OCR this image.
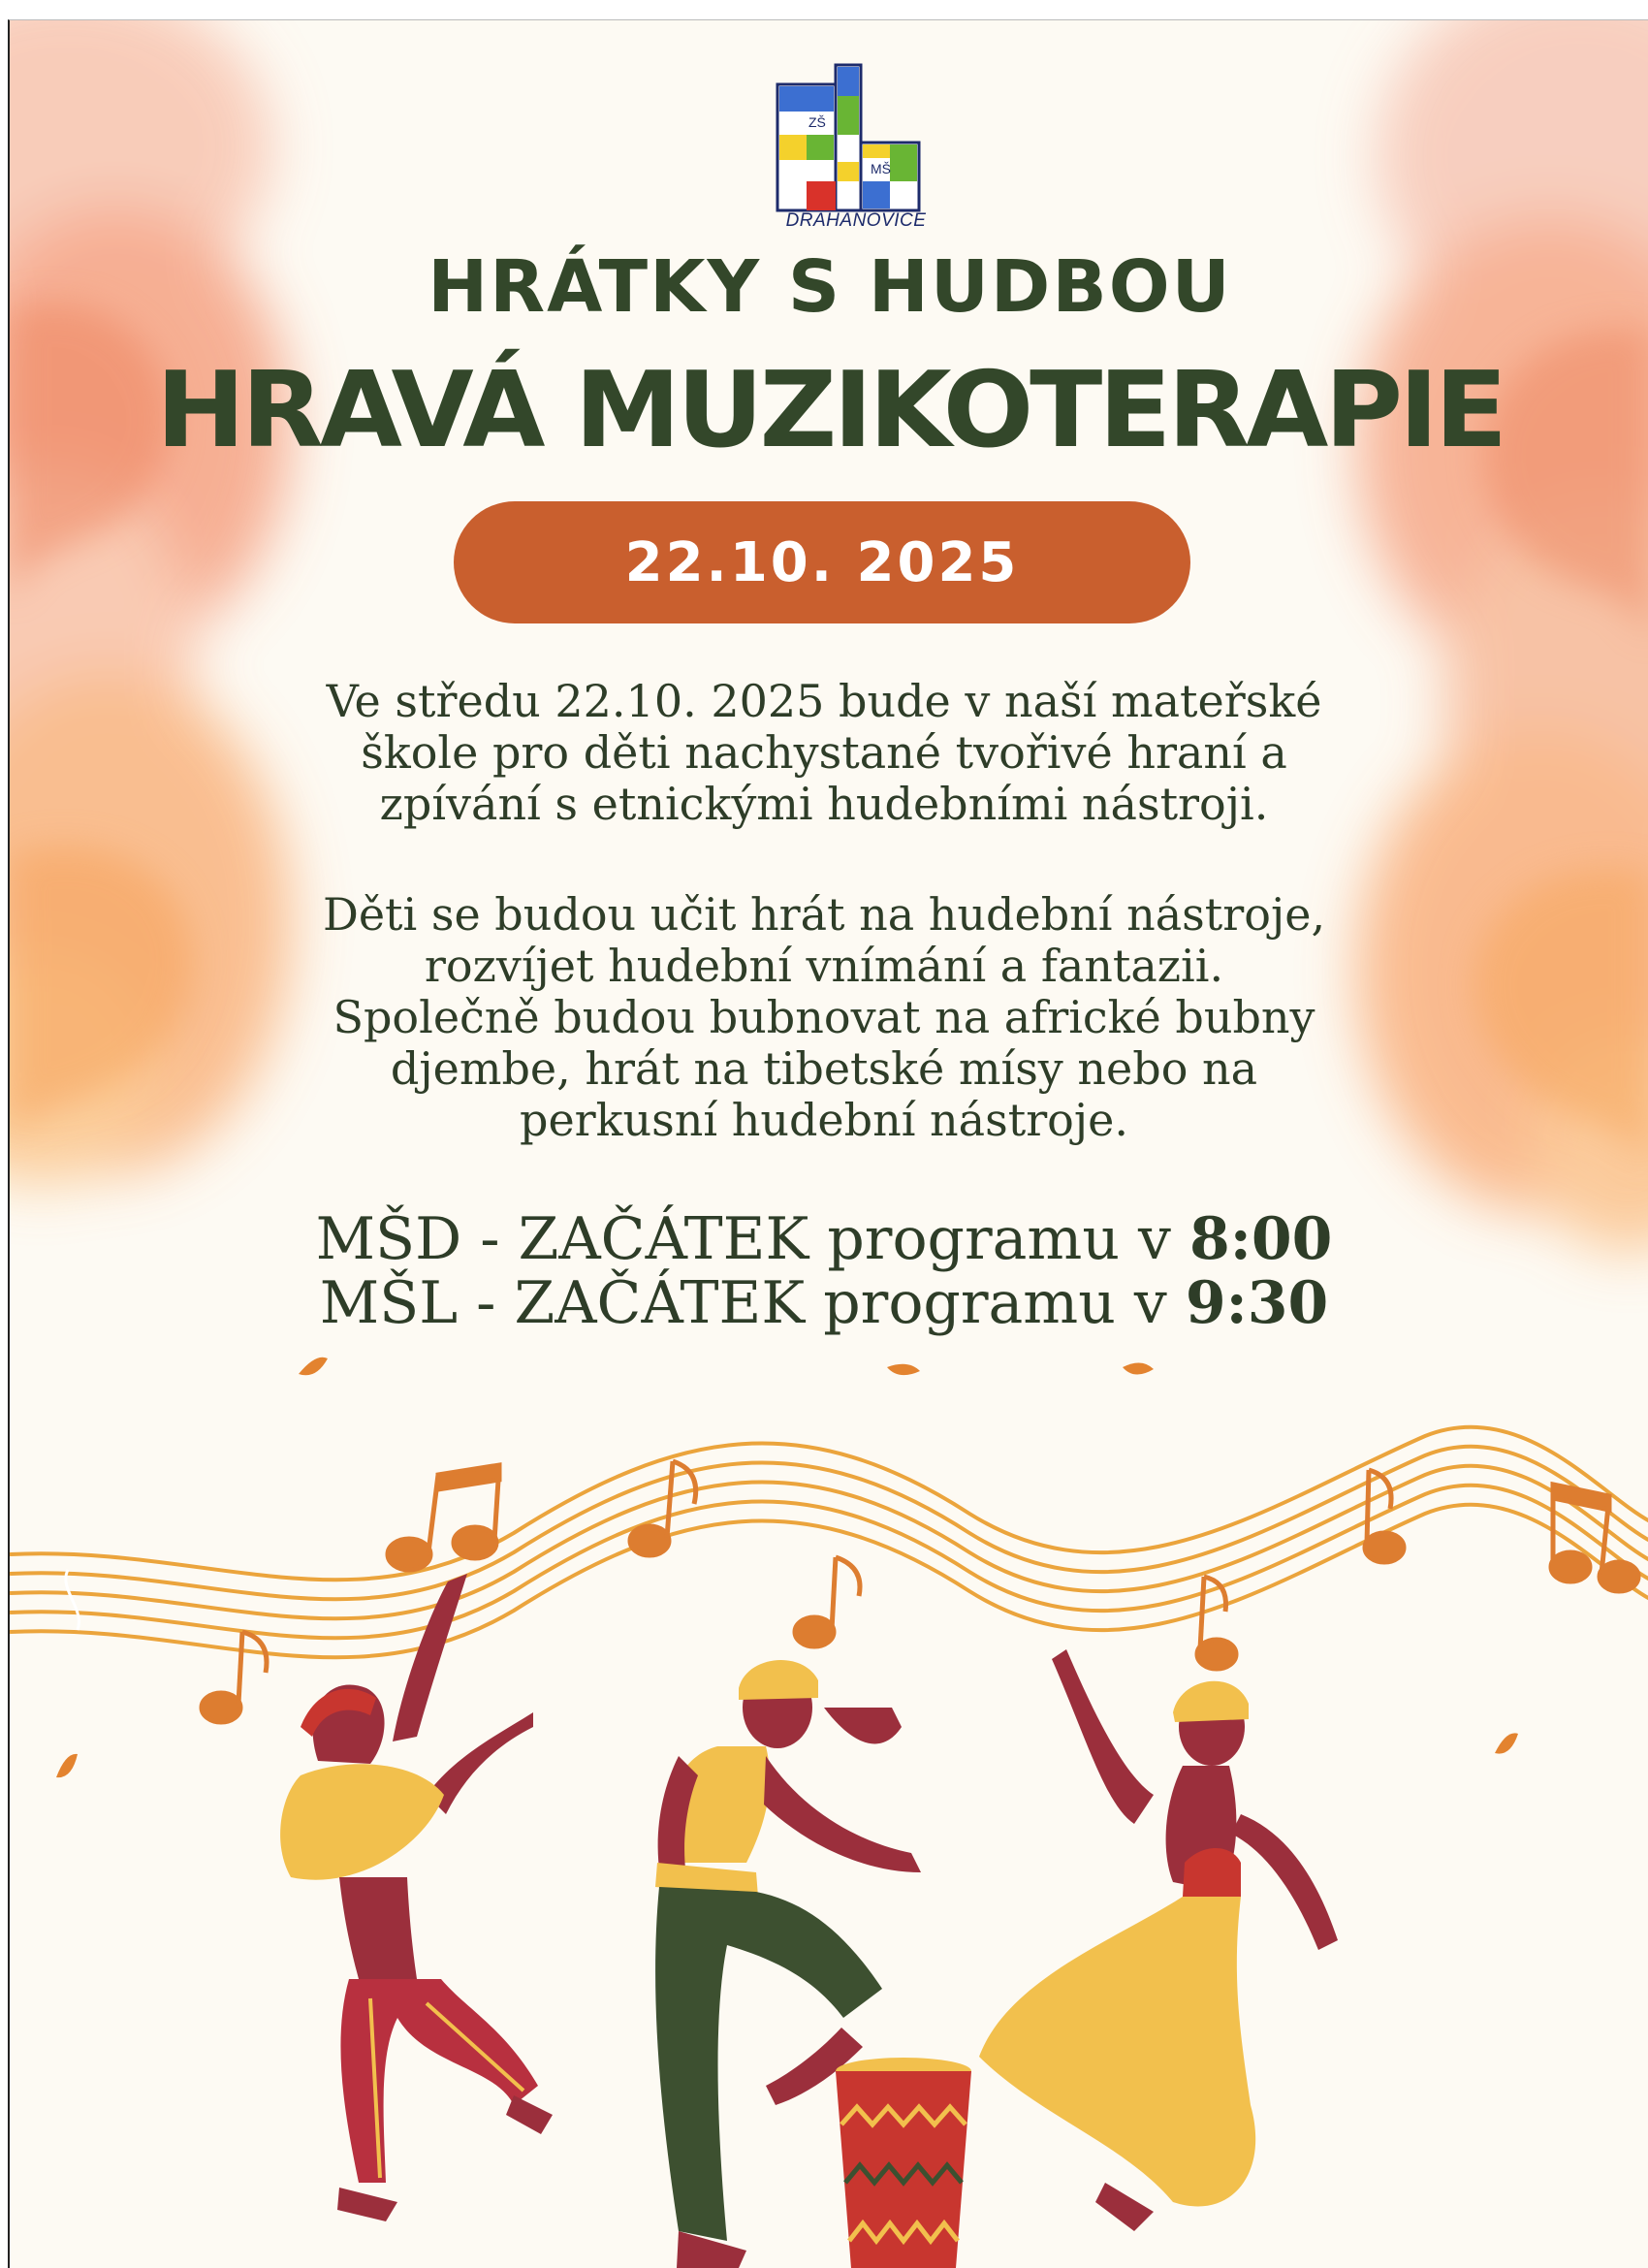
ZŠ
MŠ
DRAHANOVICE
HRÁTKY S HUDBOU
HRAVÁ MUZIKOTERAPIE
22.10. 2025

Ve středu 22.10. 2025 bude v naší mateřské
škole pro děti nachystané tvořivé hraní a
zpívání s etnickými hudebními nástroji.

Děti se budou učit hrát na hudební nástroje,
rozvíjet hudební vnímání a fantazii.
Společně budou bubnovat na africké bubny
djembe, hrát na tibetské mísy nebo na
perkusní hudební nástroje.

MŠD - ZAČÁTEK programu v 8:00
MŠL - ZAČÁTEK programu v 9:30
